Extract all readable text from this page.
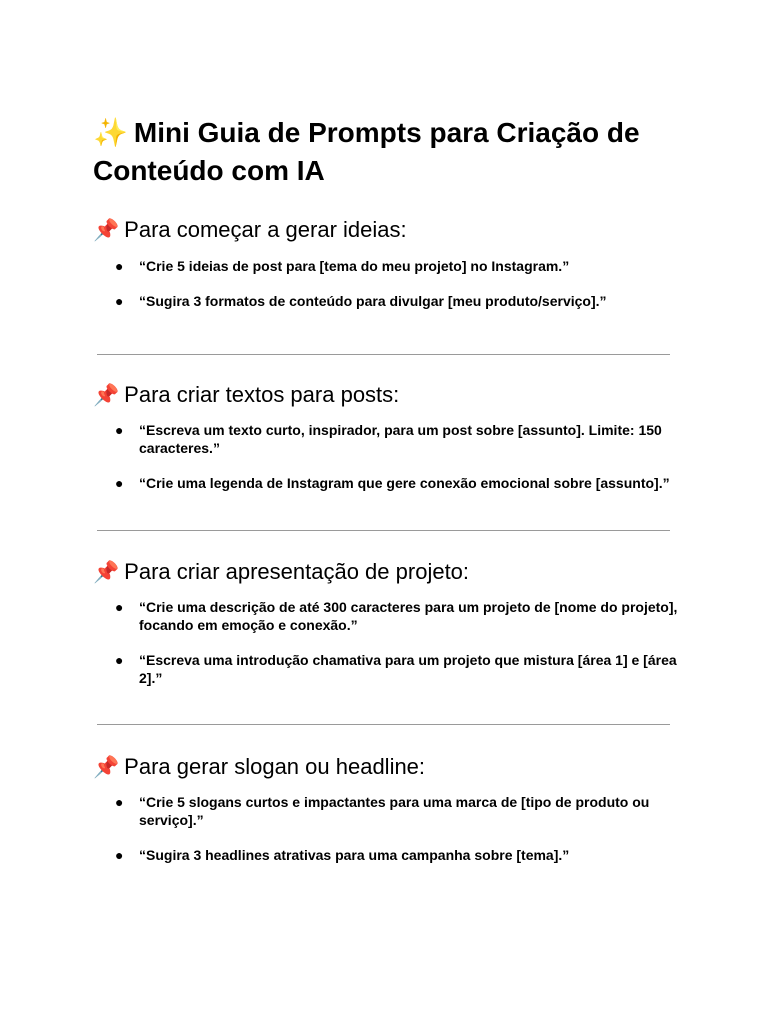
✨ Mini Guia de Prompts para Criação de Conteúdo com IA
📌 Para começar a gerar ideias:
● “Crie 5 ideias de post para [tema do meu projeto] no Instagram.”
● “Sugira 3 formatos de conteúdo para divulgar [meu produto/serviço].”
📌 Para criar textos para posts:
● “Escreva um texto curto, inspirador, para um post sobre [assunto]. Limite: 150 caracteres.”
● “Crie uma legenda de Instagram que gere conexão emocional sobre [assunto].”
📌 Para criar apresentação de projeto:
● “Crie uma descrição de até 300 caracteres para um projeto de [nome do projeto], focando em emoção e conexão.”
● “Escreva uma introdução chamativa para um projeto que mistura [área 1] e [área 2].”
📌 Para gerar slogan ou headline:
● “Crie 5 slogans curtos e impactantes para uma marca de [tipo de produto ou serviço].”
● “Sugira 3 headlines atrativas para uma campanha sobre [tema].”
